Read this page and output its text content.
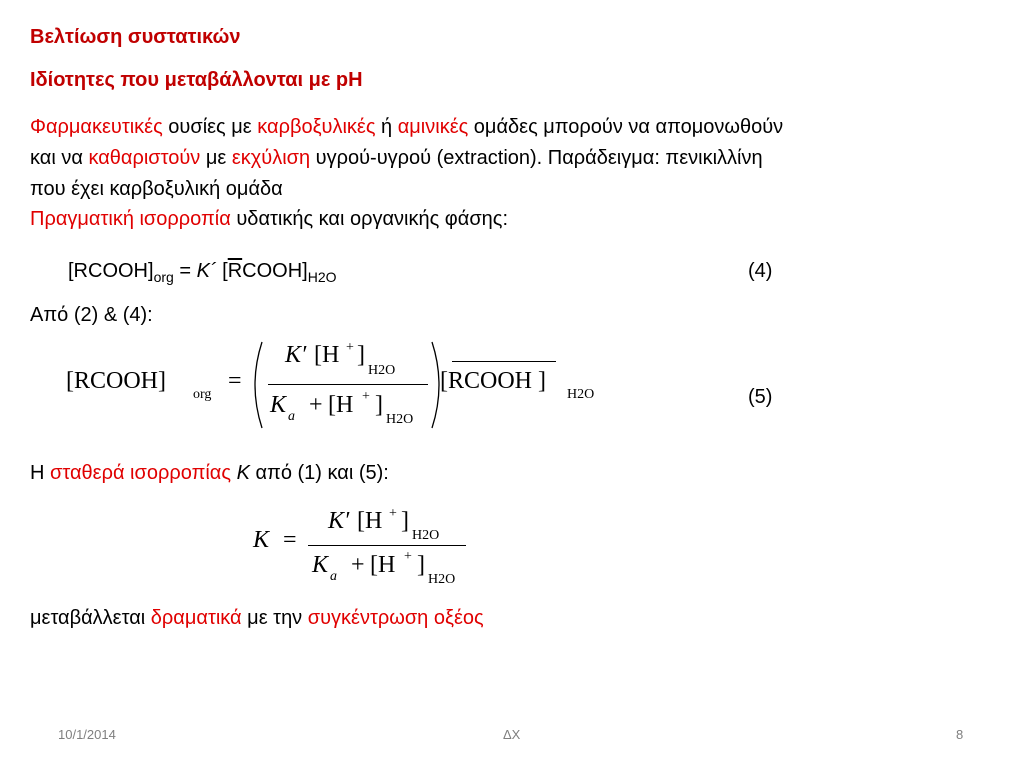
Βελτίωση συστατικών
Ιδίοτητες που μεταβάλλονται με pH
Φαρμακευτικές ουσίες με καρβοξυλικές ή αμινικές ομάδες μπορούν να απομονωθούν
και να καθαριστούν με εκχύλιση υγρού-υγρού (extraction). Παράδειγμα: πενικιλλίνη
που έχει καρβοξυλική ομάδα
Πραγματική ισορροπία υδατικής και οργανικής φάσης:
$[RCOOH]_{org}$ = K´ $[\overline{R}COOH]_{H2O}$	(4)
Από (2) & (4):
[RCOOH]
org
=
K′ [H + ]
H2O
K a + [H + ]
H2O
[RCOOH ]
H2O	(5)
Η σταθερά ισορροπίας K από (1) και (5):
K =
K′ [H + ]
H2O
K a + [H + ]
H2O
μεταβάλλεται δραματικά με την συγκέντρωση οξέος
10/1/2014	ΔΧ	8
